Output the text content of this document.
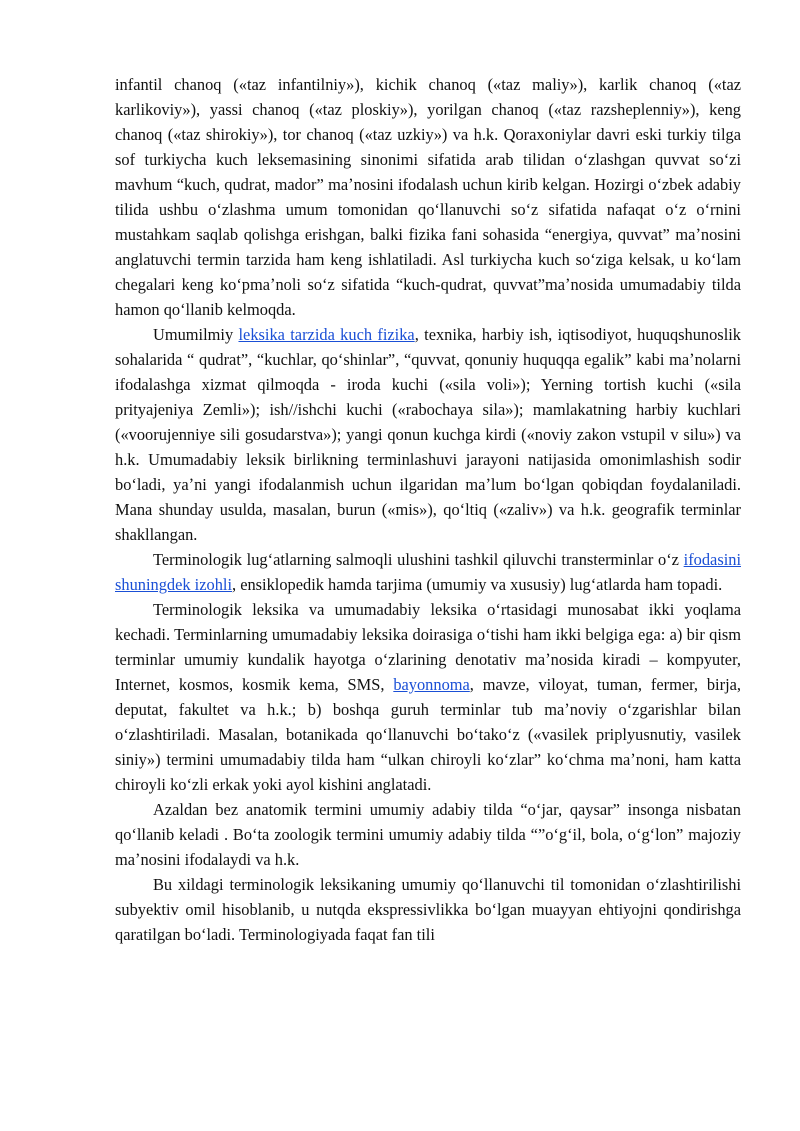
infantil chanoq («taz infantilniy»), kichik chanoq («taz maliy»), karlik chanoq («taz karlikoviy»), yassi chanoq («taz ploskiy»), yorilgan chanoq («taz razsheplenniy»), keng chanoq («taz shirokiy»), tor chanoq («taz uzkiy») va h.k. Qoraxoniylar davri eski turkiy tilga sof turkiycha kuch leksemasining sinonimi sifatida arab tilidan oʻzlashgan quvvat soʻzi mavhum “kuch, qudrat, mador” maʼnosini ifodalash uchun kirib kelgan. Hozirgi oʻzbek adabiy tilida ushbu oʻzlashma umum tomonidan qoʻllanuvchi soʻz sifatida nafaqat oʻz oʻrnini mustahkam saqlab qolishga erishgan, balki fizika fani sohasida “energiya, quvvat” maʼnosini anglatuvchi termin tarzida ham keng ishlatiladi. Asl turkiycha kuch soʻziga kelsak, u koʻlam chegalari keng koʻpmaʼnoli soʻz sifatida “kuch-qudrat, quvvat”maʼnosida umumadabiy tilda hamon qoʻllanib kelmoqda.

Umumilmiy leksika tarzida kuch fizika, texnika, harbiy ish, iqtisodiyot, huquqshunoslik sohalarida “ qudrat”, “kuchlar, qoʻshinlar”, “quvvat, qonuniy huquqqa egalik” kabi maʼnolarni ifodalashga xizmat qilmoqda - iroda kuchi («sila voli»); Yerning tortish kuchi («sila prityajeniya Zemli»); ish//ishchi kuchi («rabochaya sila»); mamlakatning harbiy kuchlari («voorujenniye sili gosudarstva»); yangi qonun kuchga kirdi («noviy zakon vstupil v silu») va h.k. Umumadabiy leksik birlikning terminlashuvi jarayoni natijasida omonimlashish sodir boʻladi, yaʼni yangi ifodalanmish uchun ilgaridan maʼlum boʻlgan qobiqdan foydalaniladi. Mana shunday usulda, masalan, burun («mis»), qoʻltiq («zaliv») va h.k. geografik terminlar shakllangan.

Terminologik lugʻatlarning salmoqli ulushini tashkil qiluvchi transterminlar oʻz ifodasini shuningdek izohli, ensiklopedik hamda tarjima (umumiy va xususiy) lugʻatlarda ham topadi.

Terminologik leksika va umumadabiy leksika oʻrtasidagi munosabat ikki yoqlama kechadi. Terminlarning umumadabiy leksika doirasiga oʻtishi ham ikki belgiga ega: a) bir qism terminlar umumiy kundalik hayotga oʻzlarining denotativ maʼnosida kiradi – kompyuter, Internet, kosmos, kosmik kema, SMS, bayonnoma, mavze, viloyat, tuman, fermer, birja, deputat, fakultet va h.k.; b) boshqa guruh terminlar tub maʼnoviy oʻzgarishlar bilan oʻzlashtiriladi. Masalan, botanikada qoʻllanuvchi boʻtakoʻz («vasilek priplyusnutiy, vasilek siniy») termini umumadabiy tilda ham “ulkan chiroyli koʻzlar” koʻchma maʼnoni, ham katta chiroyli koʻzli erkak yoki ayol kishini anglatadi.

Azaldan bez anatomik termini umumiy adabiy tilda “oʻjar, qaysar” insonga nisbatan qoʻllanib keladi . Boʻta zoologik termini umumiy adabiy tilda “”oʻgʻil, bola, oʻgʻlon” majoziy maʼnosini ifodalaydi va h.k.

Bu xildagi terminologik leksikaning umumiy qoʻllanuvchi til tomonidan oʻzlashtirilishi subyektiv omil hisoblanib, u nutqda ekspressivlikka boʻlgan muayyan ehtiyojni qondirishga qaratilgan boʻladi. Terminologiyada faqat fan tili
